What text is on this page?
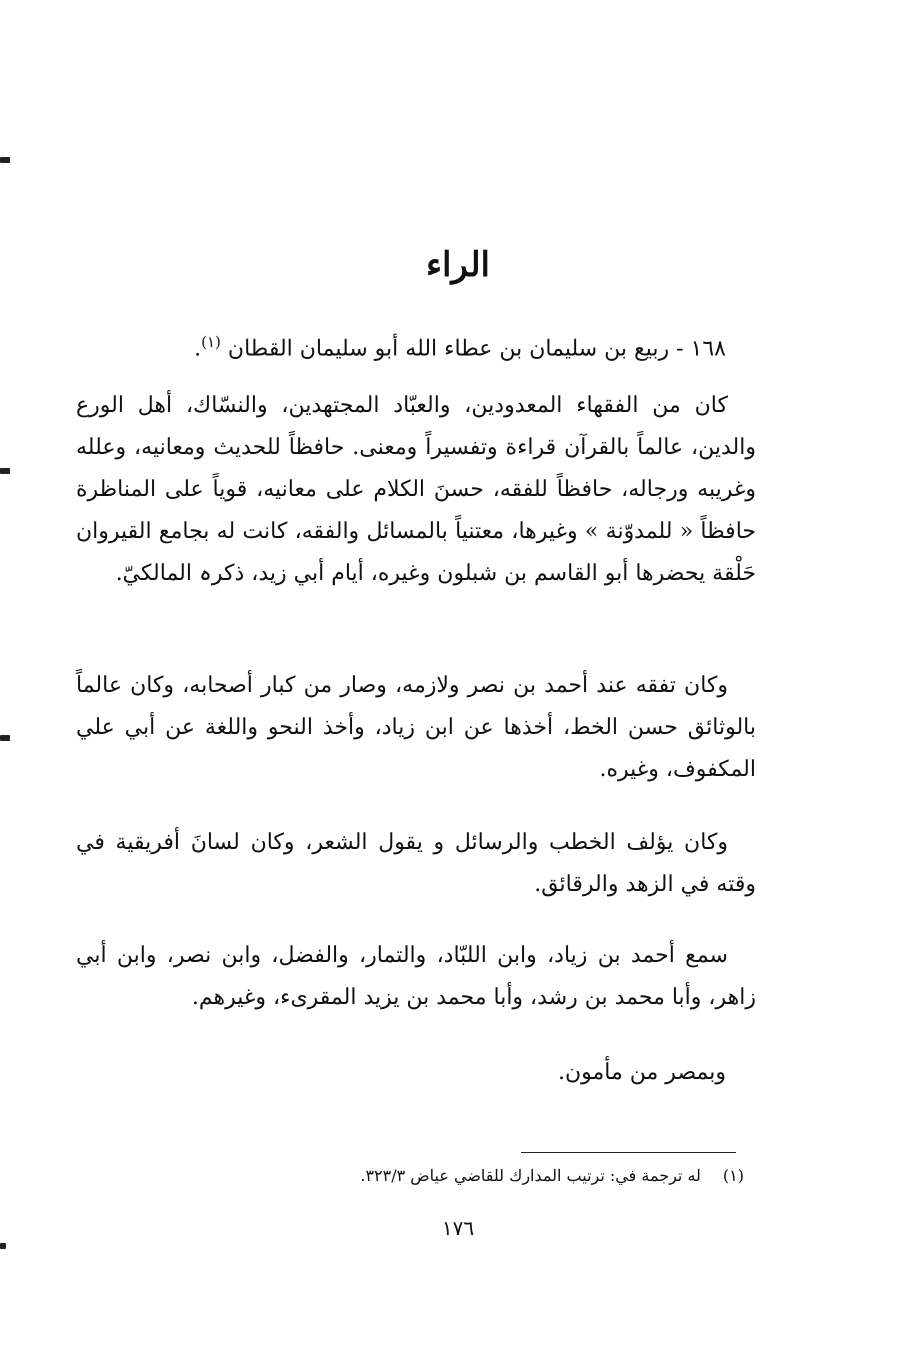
الراء

١٦٨ - ربيع بن سليمان بن عطاء الله أبو سليمان القطان $^{(١)}$.

كان من الفقهاء المعدودين، والعبّاد المجتهدين، والنسّاك، أهل الورع والدين، عالماً بالقرآن قراءة وتفسيراً ومعنى. حافظاً للحديث ومعانيه، وعلله وغريبه ورجاله، حافظاً للفقه، حسنَ الكلام على معانيه، قوياً على المناظرة حافظاً « للمدوّنة » وغيرها، معتنياً بالمسائل والفقه، كانت له بجامع القيروان حَلْقة يحضرها أبو القاسم بن شبلون وغيره، أيام أبي زيد، ذكرہ المالكيّ.

وكان تفقه عند أحمد بن نصر ولازمه، وصار من كبار أصحابه، وكان عالماً بالوثائق حسن الخط، أخذها عن ابن زياد، وأخذ النحو واللغة عن أبي علي المكفوف، وغيره.

وكان يؤلف الخطب والرسائل و يقول الشعر، وكان لسانَ أفريقية في وقته في الزهد والرقائق.

سمع أحمد بن زياد، وابن اللبّاد، والتمار، والفضل، وابن نصر، وابن أبي زاهر، وأبا محمد بن رشد، وأبا محمد بن يزيد المقرىء، وغيرهم.

وبمصر من مأمون.

(١)له ترجمة في: ترتيب المدارك للقاضي عياض ٣٢٣/٣.

١٧٦
